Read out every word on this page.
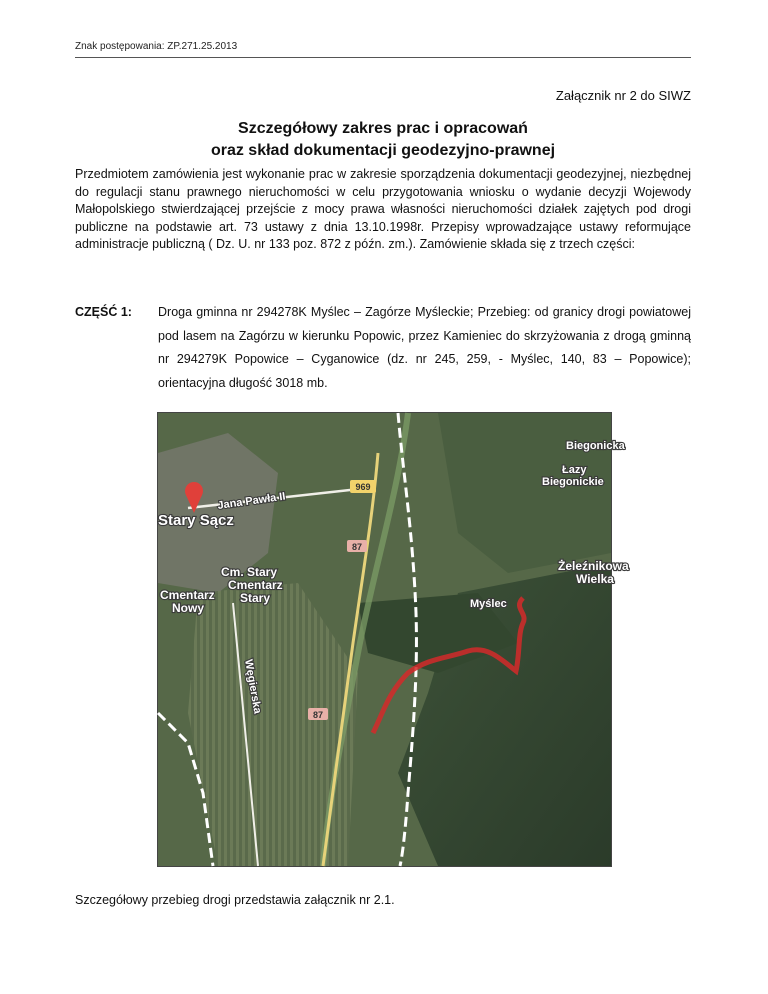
Znak postępowania: ZP.271.25.2013
Załącznik nr 2 do SIWZ
Szczegółowy zakres prac i opracowań
oraz skład dokumentacji geodezyjno-prawnej
Przedmiotem zamówienia jest wykonanie prac w zakresie sporządzenia dokumentacji geodezyjnej, niezbędnej do regulacji stanu prawnego nieruchomości w celu przygotowania wniosku o wydanie decyzji Wojewody Małopolskiego stwierdzającej przejście z mocy prawa własności nieruchomości działek zajętych pod drogi publiczne na podstawie art. 73 ustawy z dnia 13.10.1998r. Przepisy wprowadzające ustawy reformujące administracje publiczną ( Dz. U. nr 133 poz. 872 z późn. zm.). Zamówienie składa się z trzech części:
CZĘŚĆ 1: Droga gminna nr 294278K Myślec – Zagórze Myśleckie; Przebieg: od granicy drogi powiatowej pod lasem na Zagórzu w kierunku Popowic, przez Kamieniec do skrzyżowania z drogą gminną nr 294279K Popowice – Cyganowice (dz. nr 245, 259, - Myślec, 140, 83 – Popowice); orientacyjna długość 3018 mb.
969
87
87
Stary Sącz
Jana Pawła II
Cm. Stary
Cmentarz
Nowy
Cmentarz
Stary
Węgierska
Biegonicka
Łazy
Biegonickie
Żeleźnikowa
Wielka
Myślec
Szczegółowy przebieg drogi przedstawia załącznik nr 2.1.
